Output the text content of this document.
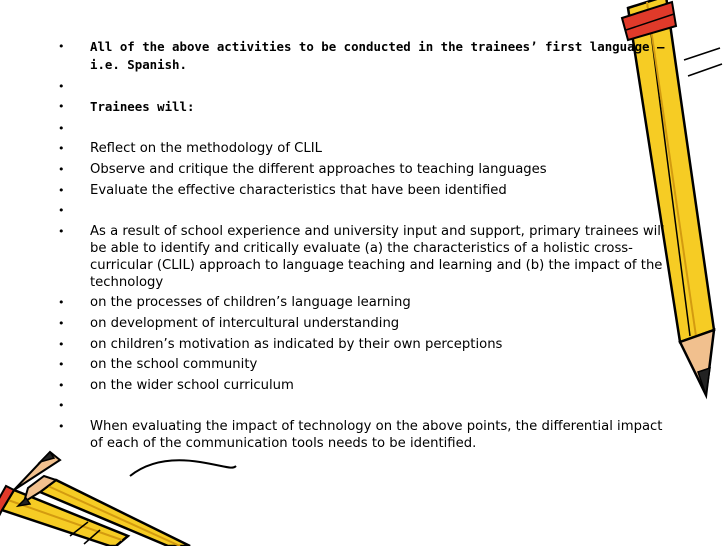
• All of the above activities to be conducted in the trainees’ first language – i.e. Spanish.
•
• Trainees will:
•
• Reflect on the methodology of CLIL
• Observe and critique the different approaches to teaching languages
• Evaluate the effective characteristics that have been identified
•
• As a result of school experience and university input and support, primary trainees will be able to identify and critically evaluate (a) the characteristics of a holistic cross-curricular (CLIL) approach to language teaching and learning and (b) the impact of the technology
• on the processes of children’s language learning
• on development of intercultural understanding
• on children’s motivation as indicated by their own perceptions
• on the school community
• on the wider school curriculum
•
• When evaluating the impact of technology on the above points, the differential impact of each of the communication tools needs to be identified.
